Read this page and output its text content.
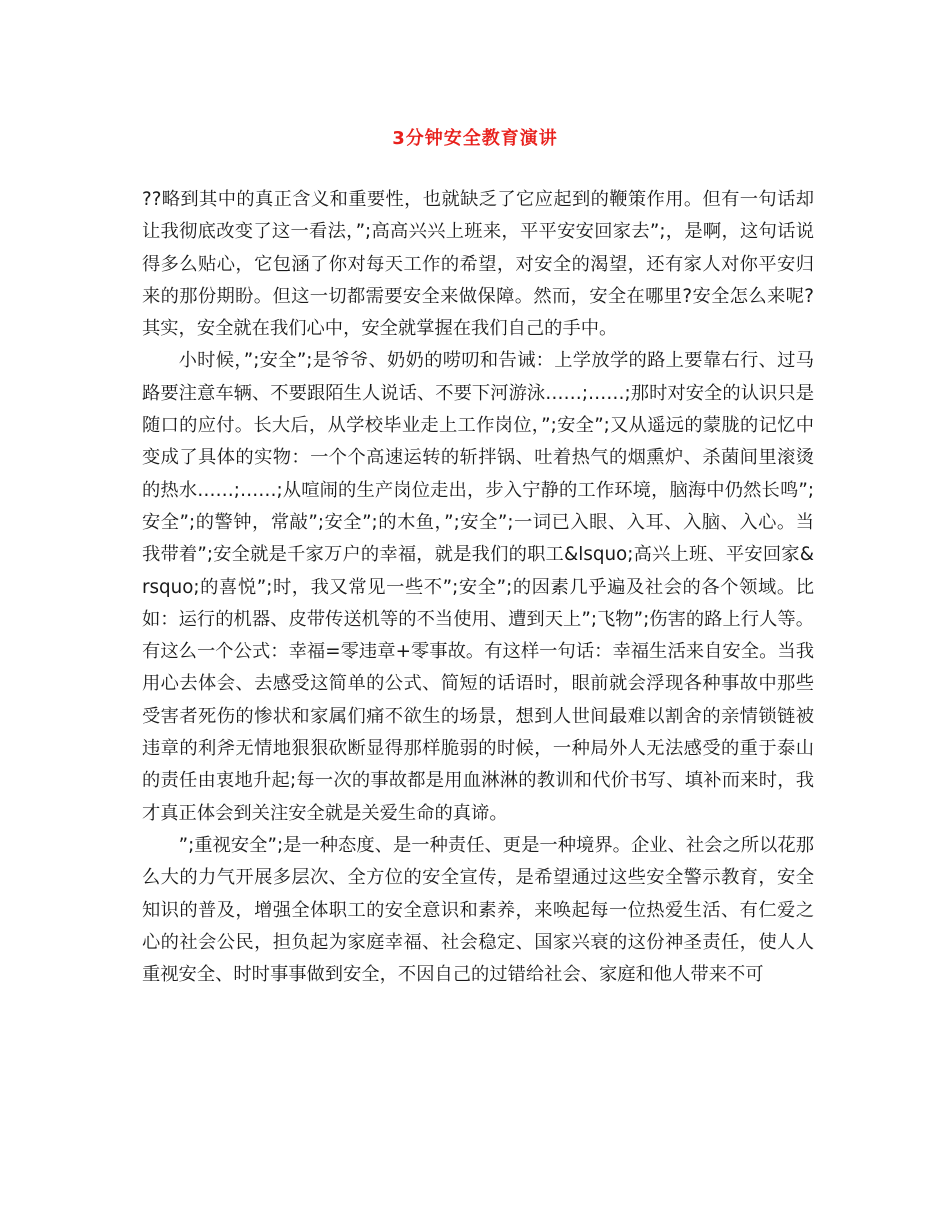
3分钟安全教育演讲

??略到其中的真正含义和重要性，也就缺乏了它应起到的鞭策作用。但有一句话却让我彻底改变了这一看法，”;高高兴兴上班来，平平安安回家去”;，是啊，这句话说得多么贴心，它包涵了你对每天工作的希望，对安全的渴望，还有家人对你平安归来的那份期盼。但这一切都需要安全来做保障。然而，安全在哪里?安全怎么来呢?其实，安全就在我们心中，安全就掌握在我们自己的手中。

小时候，”;安全”;是爷爷、奶奶的唠叨和告诫：上学放学的路上要靠右行、过马路要注意车辆、不要跟陌生人说话、不要下河游泳……;……;那时对安全的认识只是随口的应付。长大后，从学校毕业走上工作岗位，”;安全”;又从遥远的蒙胧的记忆中变成了具体的实物：一个个高速运转的斩拌锅、吐着热气的烟熏炉、杀菌间里滚烫的热水……;……;从喧闹的生产岗位走出，步入宁静的工作环境，脑海中仍然长鸣”;安全”;的警钟，常敲”;安全”;的木鱼，”;安全”;一词已入眼、入耳、入脑、入心。当我带着”;安全就是千家万户的幸福，就是我们的职工&lsquo;高兴上班、平安回家&rsquo;的喜悦”;时，我又常见一些不”;安全”;的因素几乎遍及社会的各个领域。比如：运行的机器、皮带传送机等的不当使用、遭到天上”;飞物”;伤害的路上行人等。有这么一个公式：幸福=零违章+零事故。有这样一句话：幸福生活来自安全。当我用心去体会、去感受这简单的公式、简短的话语时，眼前就会浮现各种事故中那些受害者死伤的惨状和家属们痛不欲生的场景，想到人世间最难以割舍的亲情锁链被违章的利斧无情地狠狠砍断显得那样脆弱的时候，一种局外人无法感受的重于泰山的责任由衷地升起;每一次的事故都是用血淋淋的教训和代价书写、填补而来时，我才真正体会到关注安全就是关爱生命的真谛。

”;重视安全”;是一种态度、是一种责任、更是一种境界。企业、社会之所以花那么大的力气开展多层次、全方位的安全宣传，是希望通过这些安全警示教育，安全知识的普及，增强全体职工的安全意识和素养，来唤起每一位热爱生活、有仁爱之心的社会公民，担负起为家庭幸福、社会稳定、国家兴衰的这份神圣责任，使人人重视安全、时时事事做到安全，不因自己的过错给社会、家庭和他人带来不可
